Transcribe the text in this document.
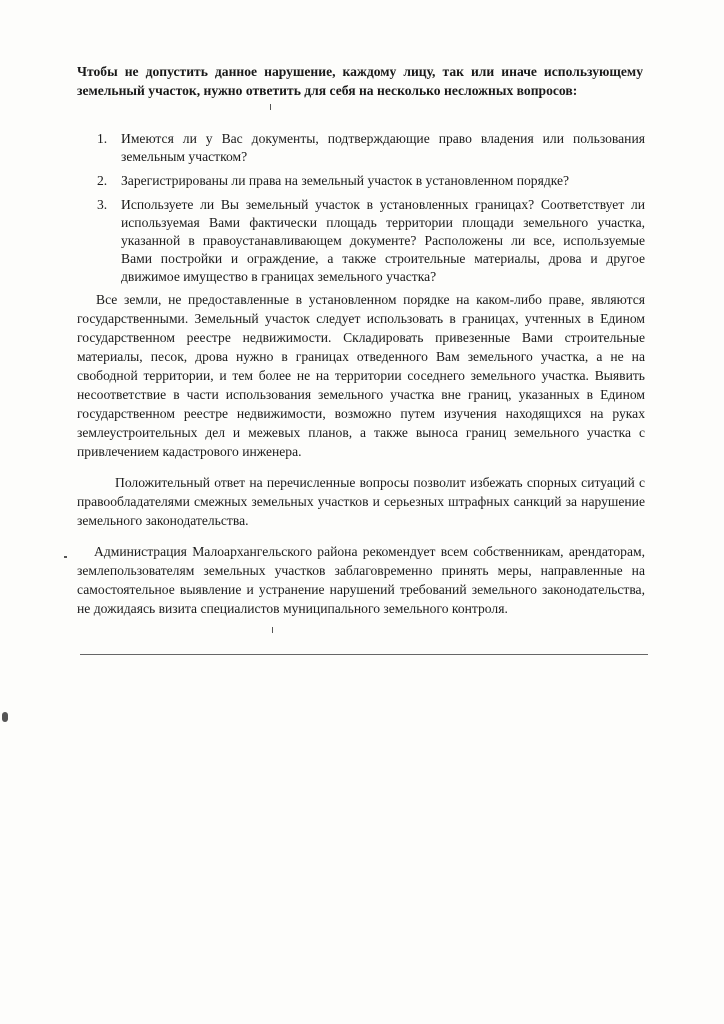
Чтобы не допустить данное нарушение, каждому лицу, так или иначе использующему земельный участок, нужно ответить для себя на несколько несложных вопросов:

1. Имеются ли у Вас документы, подтверждающие право владения или пользования земельным участком?
2. Зарегистрированы ли права на земельный участок в установленном порядке?
3. Используете ли Вы земельный участок в установленных границах? Соответствует ли используемая Вами фактически площадь территории площади земельного участка, указанной в правоустанавливающем документе? Расположены ли все, используемые Вами постройки и ограждение, а также строительные материалы, дрова и другое движимое имущество в границах земельного участка?

Все земли, не предоставленные в установленном порядке на каком-либо праве, являются государственными. Земельный участок следует использовать в границах, учтенных в Едином государственном реестре недвижимости. Складировать привезенные Вами строительные материалы, песок, дрова нужно в границах отведенного Вам земельного участка, а не на свободной территории, и тем более не на территории соседнего земельного участка. Выявить несоответствие в части использования земельного участка вне границ, указанных в Едином государственном реестре недвижимости, возможно путем изучения находящихся на руках землеустроительных дел и межевых планов, а также выноса границ земельного участка с привлечением кадастрового инженера.

Положительный ответ на перечисленные вопросы позволит избежать спорных ситуаций с правообладателями смежных земельных участков и серьезных штрафных санкций за нарушение земельного законодательства.

Администрация Малоархангельского района рекомендует всем собственникам, арендаторам, землепользователям земельных участков заблаговременно принять меры, направленные на самостоятельное выявление и устранение нарушений требований земельного законодательства, не дожидаясь визита специалистов муниципального земельного контроля.
